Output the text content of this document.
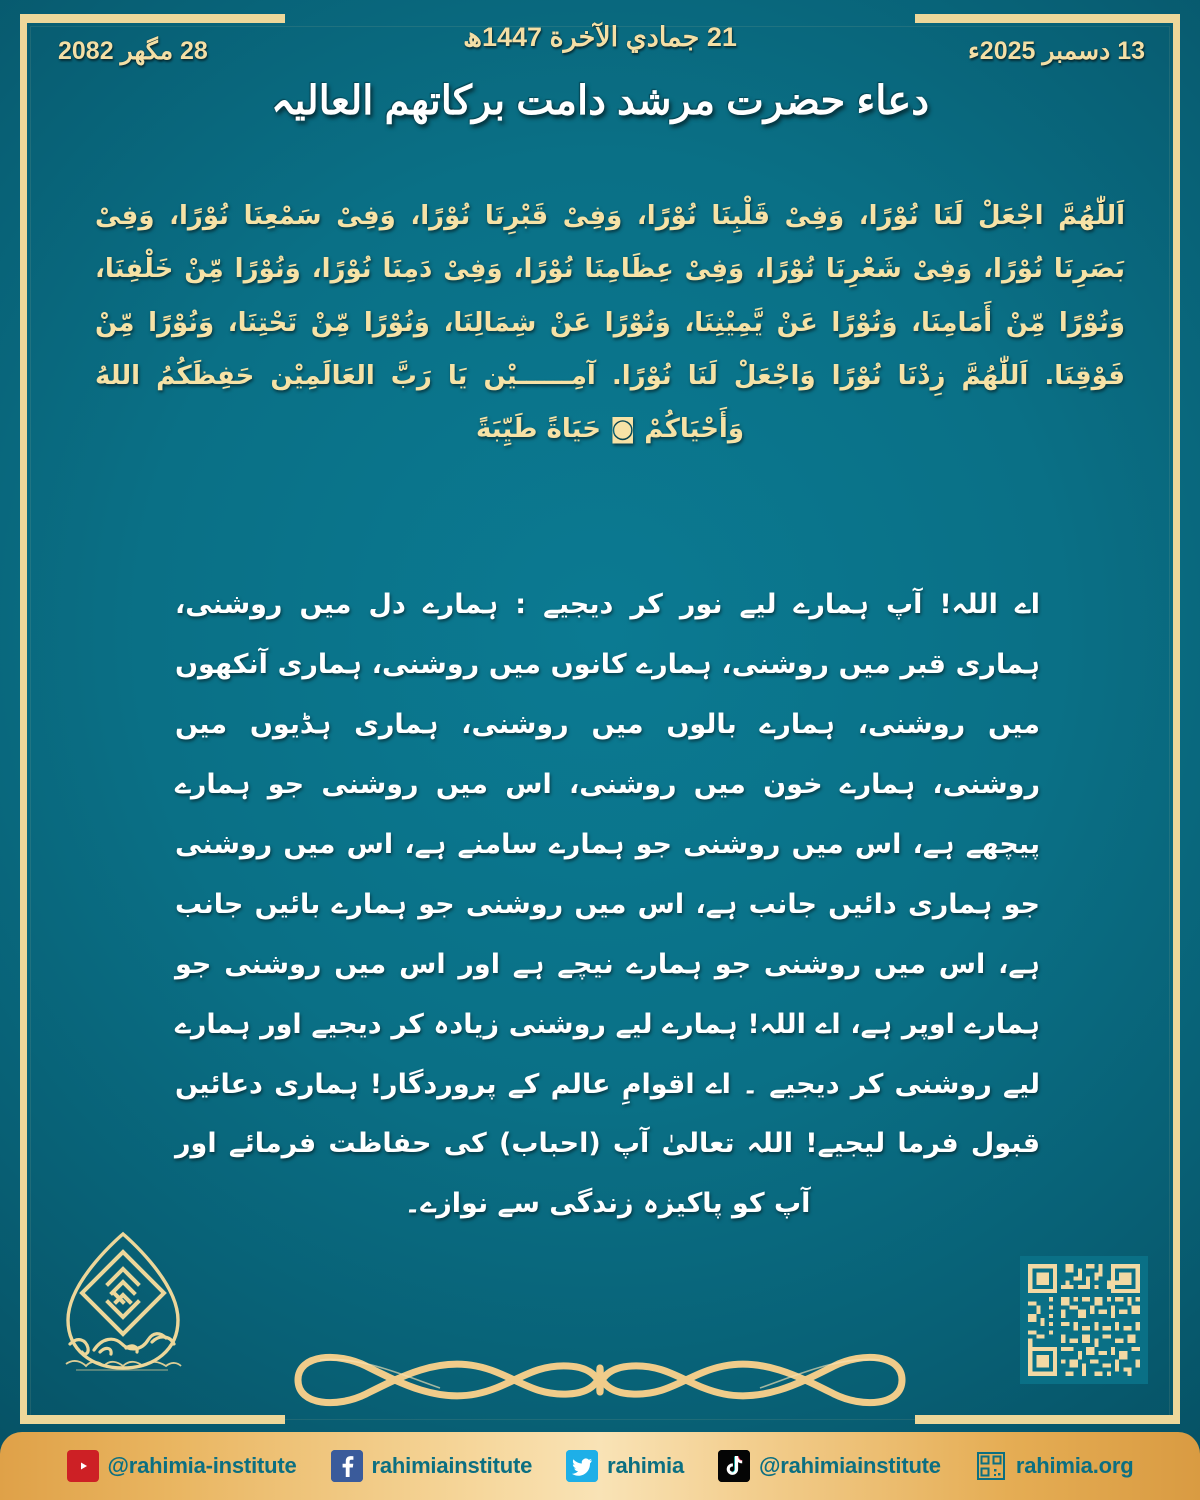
28 مگھر 2082	21 جمادي الآخرة 1447ھ	13 دسمبر 2025ء
دعاء حضرت مرشد دامت بركاتهم العاليہ
اَللّٰهُمَّ اجْعَلْ لَنَا نُوْرًا، وَفِىْ قَلْبِنَا نُوْرًا، وَفِىْ قَبْرِنَا نُوْرًا، وَفِىْ سَمْعِنَا نُوْرًا، وَفِىْ بَصَرِنَا نُوْرًا، وَفِىْ شَعْرِنَا نُوْرًا، وَفِىْ عِظَامِنَا نُوْرًا، وَفِىْ دَمِنَا نُوْرًا، وَنُوْرًا مِّنْ خَلْفِنَا، وَنُوْرًا مِّنْ أَمَامِنَا، وَنُوْرًا عَنْ يَّمِيْنِنَا، وَنُوْرًا عَنْ شِمَالِنَا، وَنُوْرًا مِّنْ تَحْتِنَا، وَنُوْرًا مِّنْ فَوْقِنَا. اَللّٰهُمَّ زِدْنَا نُوْرًا وَاجْعَلْ لَنَا نُوْرًا. آمِــــــيْن يَا رَبَّ العَالَمِيْن حَفِظَكُمُ اللهُ وَأَحْيَاكُمْ ◙ حَيَاةً طَيِّبَةً
اے اللہ! آپ ہمارے ليے نور کر دیجیے : ہمارے دل میں روشنی، ہماری قبر میں روشنی، ہمارے کانوں میں روشنی، ہماری آنکھوں میں روشنی، ہمارے بالوں میں روشنی، ہماری ہڈیوں میں روشنی، ہمارے خون میں روشنی، اس میں روشنی جو ہمارے پیچھے ہے، اس میں روشنی جو ہمارے سامنے ہے، اس میں روشنی جو ہماری دائیں جانب ہے، اس میں روشنی جو ہمارے بائیں جانب ہے، اس میں روشنی جو ہمارے نیچے ہے اور اس میں روشنی جو ہمارے اوپر ہے، اے اللہ! ہمارے ليے روشنی زیادہ کر دیجیے اور ہمارے ليے روشنی کر دیجیے ۔ اے اقوامِ عالم کے پروردگار! ہماری دعائیں قبول فرما لیجیے! اللہ تعالیٰ آپ (احباب) کی حفاظت فرمائے اور آپ کو پاکیزہ زندگی سے نوازے۔
@rahimia-institute	rahimiainstitute	rahimia	@rahimiainstitute	rahimia.org
